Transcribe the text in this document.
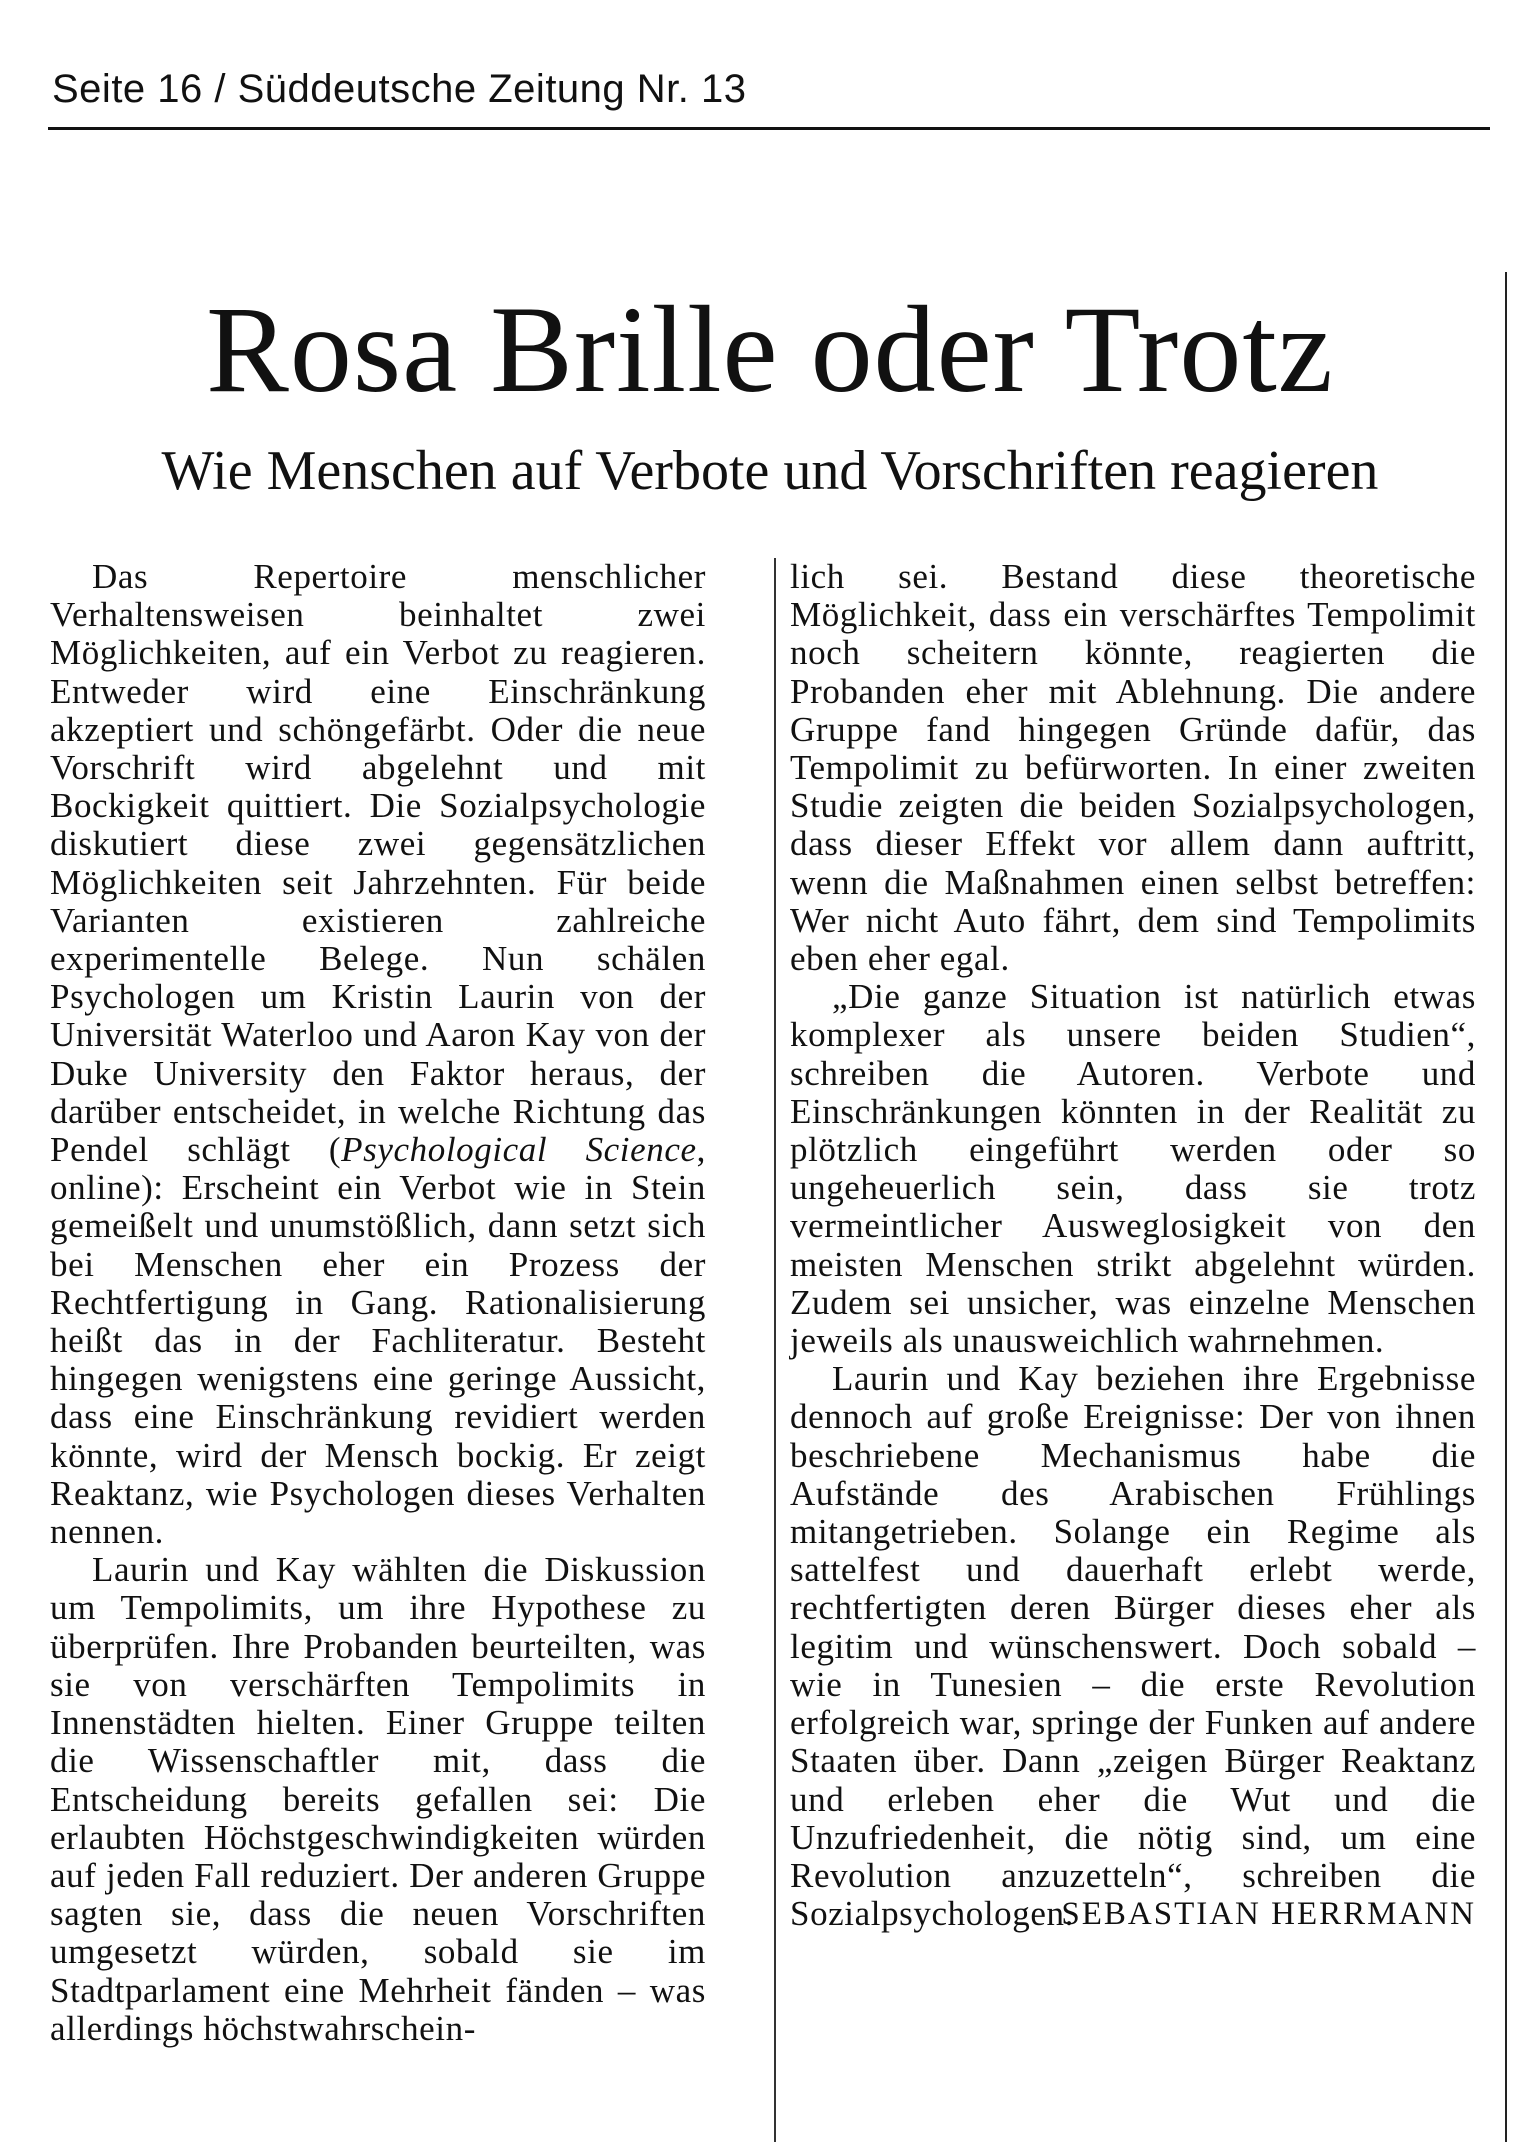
Seite 16 / Süddeutsche Zeitung Nr. 13
Rosa Brille oder Trotz
Wie Menschen auf Verbote und Vorschriften reagieren

Das Repertoire menschlicher Verhaltensweisen beinhaltet zwei Möglichkeiten, auf ein Verbot zu reagieren. Entweder wird eine Einschränkung akzeptiert und schöngefärbt. Oder die neue Vorschrift wird abgelehnt und mit Bockigkeit quittiert. Die Sozialpsychologie diskutiert diese zwei gegensätzlichen Möglichkeiten seit Jahrzehnten. Für beide Varianten existieren zahlreiche experimentelle Belege. Nun schälen Psychologen um Kristin Laurin von der Universität Waterloo und Aaron Kay von der Duke University den Faktor heraus, der darüber entscheidet, in welche Richtung das Pendel schlägt (Psychological Science, online): Erscheint ein Verbot wie in Stein gemeißelt und unumstößlich, dann setzt sich bei Menschen eher ein Prozess der Rechtfertigung in Gang. Rationalisierung heißt das in der Fachliteratur. Besteht hingegen wenigstens eine geringe Aussicht, dass eine Einschränkung revidiert werden könnte, wird der Mensch bockig. Er zeigt Reaktanz, wie Psychologen dieses Verhalten nennen.

Laurin und Kay wählten die Diskussion um Tempolimits, um ihre Hypothese zu überprüfen. Ihre Probanden beurteilten, was sie von verschärften Tempolimits in Innenstädten hielten. Einer Gruppe teilten die Wissenschaftler mit, dass die Entscheidung bereits gefallen sei: Die erlaubten Höchstgeschwindigkeiten würden auf jeden Fall reduziert. Der anderen Gruppe sagten sie, dass die neuen Vorschriften umgesetzt würden, sobald sie im Stadtparlament eine Mehrheit fänden – was allerdings höchstwahrschein-

lich sei. Bestand diese theoretische Möglichkeit, dass ein verschärftes Tempolimit noch scheitern könnte, reagierten die Probanden eher mit Ablehnung. Die andere Gruppe fand hingegen Gründe dafür, das Tempolimit zu befürworten. In einer zweiten Studie zeigten die beiden Sozialpsychologen, dass dieser Effekt vor allem dann auftritt, wenn die Maßnahmen einen selbst betreffen: Wer nicht Auto fährt, dem sind Tempolimits eben eher egal.

„Die ganze Situation ist natürlich etwas komplexer als unsere beiden Studien“, schreiben die Autoren. Verbote und Einschränkungen könnten in der Realität zu plötzlich eingeführt werden oder so ungeheuerlich sein, dass sie trotz vermeintlicher Ausweglosigkeit von den meisten Menschen strikt abgelehnt würden. Zudem sei unsicher, was einzelne Menschen jeweils als unausweichlich wahrnehmen.

Laurin und Kay beziehen ihre Ergebnisse dennoch auf große Ereignisse: Der von ihnen beschriebene Mechanismus habe die Aufstände des Arabischen Frühlings mitangetrieben. Solange ein Regime als sattelfest und dauerhaft erlebt werde, rechtfertigten deren Bürger dieses eher als legitim und wünschenswert. Doch sobald – wie in Tunesien – die erste Revolution erfolgreich war, springe der Funken auf andere Staaten über. Dann „zeigen Bürger Reaktanz und erleben eher die Wut und die Unzufriedenheit, die nötig sind, um eine Revolution anzuzetteln“, schreiben die Sozialpsychologen.

SEBASTIAN HERRMANN
